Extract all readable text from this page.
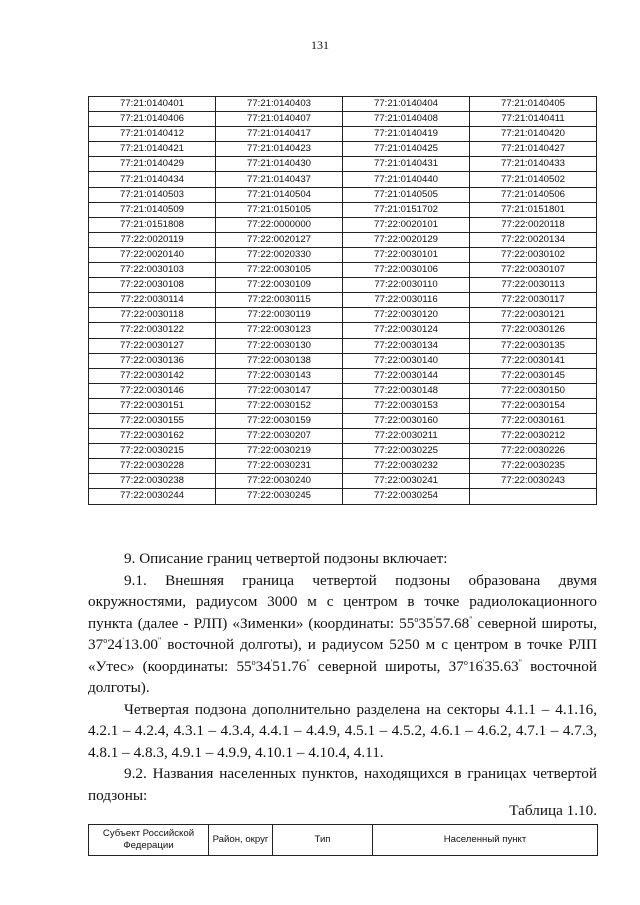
131
77:21:0140401	77:21:0140403	77:21:0140404	77:21:0140405
77:21:0140406	77:21:0140407	77:21:0140408	77:21:0140411
77:21:0140412	77:21:0140417	77:21:0140419	77:21:0140420
77:21:0140421	77:21:0140423	77:21:0140425	77:21:0140427
77:21:0140429	77:21:0140430	77:21:0140431	77:21:0140433
77:21:0140434	77:21:0140437	77:21:0140440	77:21:0140502
77:21:0140503	77:21:0140504	77:21:0140505	77:21:0140506
77:21:0140509	77:21:0150105	77:21:0151702	77:21:0151801
77:21:0151808	77:22:0000000	77:22:0020101	77:22:0020118
77:22:0020119	77:22:0020127	77:22:0020129	77:22:0020134
77:22:0020140	77:22:0020330	77:22:0030101	77:22:0030102
77:22:0030103	77:22:0030105	77:22:0030106	77:22:0030107
77:22:0030108	77:22:0030109	77:22:0030110	77:22:0030113
77:22:0030114	77:22:0030115	77:22:0030116	77:22:0030117
77:22:0030118	77:22:0030119	77:22:0030120	77:22:0030121
77:22:0030122	77:22:0030123	77:22:0030124	77:22:0030126
77:22:0030127	77:22:0030130	77:22:0030134	77:22:0030135
77:22:0030136	77:22:0030138	77:22:0030140	77:22:0030141
77:22:0030142	77:22:0030143	77:22:0030144	77:22:0030145
77:22:0030146	77:22:0030147	77:22:0030148	77:22:0030150
77:22:0030151	77:22:0030152	77:22:0030153	77:22:0030154
77:22:0030155	77:22:0030159	77:22:0030160	77:22:0030161
77:22:0030162	77:22:0030207	77:22:0030211	77:22:0030212
77:22:0030215	77:22:0030219	77:22:0030225	77:22:0030226
77:22:0030228	77:22:0030231	77:22:0030232	77:22:0030235
77:22:0030238	77:22:0030240	77:22:0030241	77:22:0030243
77:22:0030244	77:22:0030245	77:22:0030254	

9. Описание границ четвертой подзоны включает:

9.1. Внешняя граница четвертой подзоны образована двумя окружностями, радиусом 3000 м с центром в точке радиолокационного пункта (далее - РЛП) «Зименки» (координаты: $55^о35'57.68^"$ северной широты, $37^о24'13.00^"$ восточной долготы), и радиусом 5250 м с центром в точке РЛП «Утес» (координаты: $55^о34'51.76^"$ северной широты, $37^о16'35.63^"$ восточной долготы).

Четвертая подзона дополнительно разделена на секторы 4.1.1 – 4.1.16, 4.2.1 – 4.2.4, 4.3.1 – 4.3.4, 4.4.1 – 4.4.9, 4.5.1 – 4.5.2, 4.6.1 – 4.6.2, 4.7.1 – 4.7.3, 4.8.1 – 4.8.3, 4.9.1 – 4.9.9, 4.10.1 – 4.10.4, 4.11.

9.2. Названия населенных пунктов, находящихся в границах четвертой подзоны:

Таблица 1.10.
Субъект Российской Федерации	Район, округ	Тип	Населенный пункт
